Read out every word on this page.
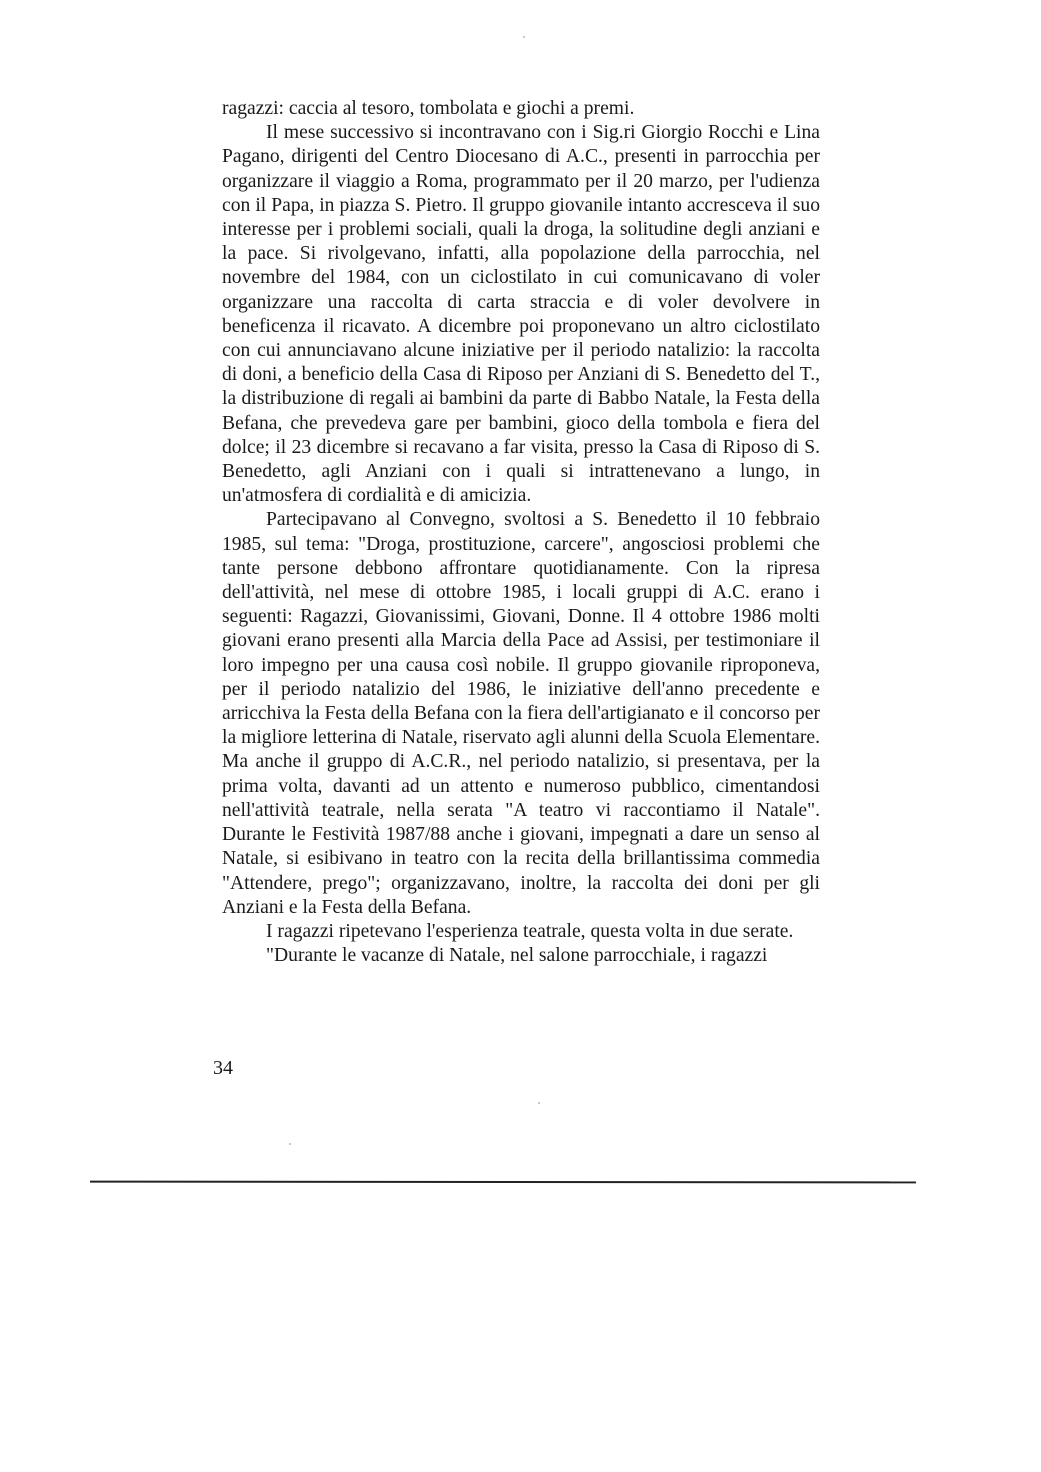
ragazzi: caccia al tesoro, tombolata e giochi a premi.

Il mese successivo si incontravano con i Sig.ri Giorgio Rocchi e Lina Pagano, dirigenti del Centro Diocesano di A.C., presenti in parrocchia per organizzare il viaggio a Roma, programmato per il 20 marzo, per l'udienza con il Papa, in piazza S. Pietro. Il gruppo giovanile intanto accresceva il suo interesse per i problemi sociali, quali la droga, la solitudine degli anziani e la pace. Si rivolgevano, infatti, alla popolazione della parrocchia, nel novembre del 1984, con un ciclostilato in cui comunicavano di voler organizzare una raccolta di carta straccia e di voler devolvere in beneficenza il ricavato. A dicembre poi proponevano un altro ciclostilato con cui annunciavano alcune iniziative per il periodo natalizio: la raccolta di doni, a beneficio della Casa di Riposo per Anziani di S. Benedetto del T., la distribuzione di regali ai bambini da parte di Babbo Natale, la Festa della Befana, che prevedeva gare per bambini, gioco della tombola e fiera del dolce; il 23 dicembre si recavano a far visita, presso la Casa di Riposo di S. Benedetto, agli Anziani con i quali si intrattenevano a lungo, in un'atmosfera di cordialità e di amicizia.

Partecipavano al Convegno, svoltosi a S. Benedetto il 10 febbraio 1985, sul tema: "Droga, prostituzione, carcere", angosciosi problemi che tante persone debbono affrontare quotidianamente. Con la ripresa dell'attività, nel mese di ottobre 1985, i locali gruppi di A.C. erano i seguenti: Ragazzi, Giovanissimi, Giovani, Donne. Il 4 ottobre 1986 molti giovani erano presenti alla Marcia della Pace ad Assisi, per testimoniare il loro impegno per una causa così nobile. Il gruppo giovanile riproponeva, per il periodo natalizio del 1986, le iniziative dell'anno precedente e arricchiva la Festa della Befana con la fiera dell'artigianato e il concorso per la migliore letterina di Natale, riservato agli alunni della Scuola Elementare. Ma anche il gruppo di A.C.R., nel periodo natalizio, si presentava, per la prima volta, davanti ad un attento e numeroso pubblico, cimentandosi nell'attività teatrale, nella serata "A teatro vi raccontiamo il Natale". Durante le Festività 1987/88 anche i giovani, impegnati a dare un senso al Natale, si esibivano in teatro con la recita della brillantissima commedia "Attendere, prego"; organizzavano, inoltre, la raccolta dei doni per gli Anziani e la Festa della Befana.

I ragazzi ripetevano l'esperienza teatrale, questa volta in due serate.

"Durante le vacanze di Natale, nel salone parrocchiale, i ragazzi

34
